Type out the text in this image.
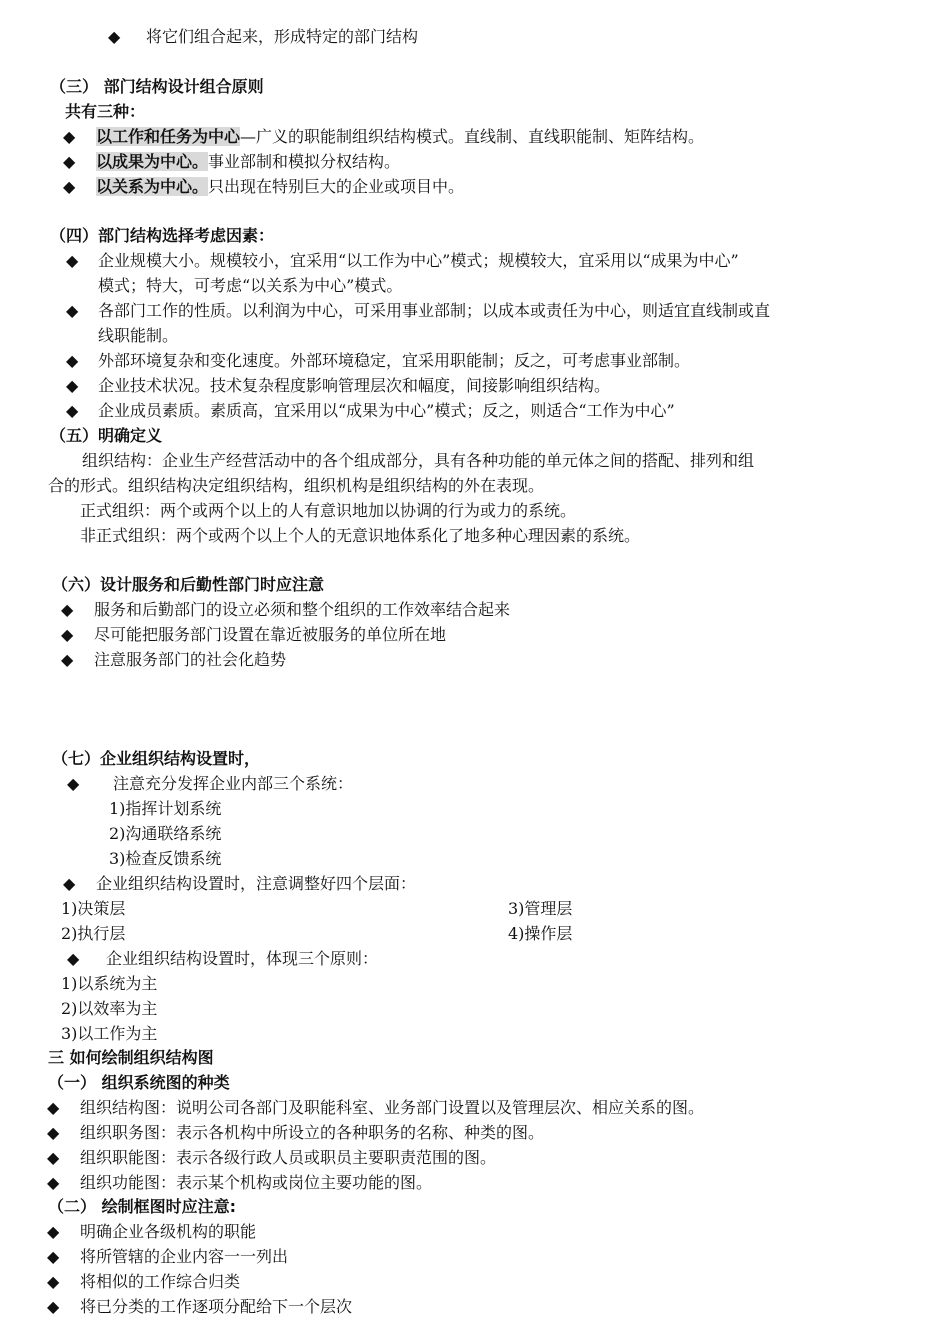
◆ 将它们组合起来，形成特定的部门结构
（三） 部门结构设计组合原则
共有三种：
◆ 以工作和任务为中心—广义的职能制组织结构模式。直线制、直线职能制、矩阵结构。
◆ 以成果为中心。事业部制和模拟分权结构。
◆ 以关系为中心。只出现在特别巨大的企业或项目中。
（四）部门结构选择考虑因素：
◆ 企业规模大小。规模较小，宜采用“以工作为中心”模式；规模较大，宜采用以“成果为中心”
模式；特大，可考虑“以关系为中心”模式。
◆ 各部门工作的性质。以利润为中心，可采用事业部制；以成本或责任为中心，则适宜直线制或直
线职能制。
◆ 外部环境复杂和变化速度。外部环境稳定，宜采用职能制；反之，可考虑事业部制。
◆ 企业技术状况。技术复杂程度影响管理层次和幅度，间接影响组织结构。
◆ 企业成员素质。素质高，宜采用以“成果为中心”模式；反之，则适合“工作为中心”
（五）明确定义
组织结构：企业生产经营活动中的各个组成部分，具有各种功能的单元体之间的搭配、排列和组
合的形式。组织结构决定组织结构，组织机构是组织结构的外在表现。
正式组织：两个或两个以上的人有意识地加以协调的行为或力的系统。
非正式组织：两个或两个以上个人的无意识地体系化了地多种心理因素的系统。
（六）设计服务和后勤性部门时应注意
◆ 服务和后勤部门的设立必须和整个组织的工作效率结合起来
◆ 尽可能把服务部门设置在靠近被服务的单位所在地
◆ 注意服务部门的社会化趋势
（七）企业组织结构设置时，
◆ 注意充分发挥企业内部三个系统：
1)指挥计划系统
2)沟通联络系统
3)检查反馈系统
◆ 企业组织结构设置时，注意调整好四个层面：
1)决策层	3)管理层
2)执行层	4)操作层
◆ 企业组织结构设置时，体现三个原则：
1)以系统为主
2)以效率为主
3)以工作为主
三 如何绘制组织结构图
（一） 组织系统图的种类
◆ 组织结构图：说明公司各部门及职能科室、业务部门设置以及管理层次、相应关系的图。
◆ 组织职务图：表示各机构中所设立的各种职务的名称、种类的图。
◆ 组织职能图：表示各级行政人员或职员主要职责范围的图。
◆ 组织功能图：表示某个机构或岗位主要功能的图。
（二） 绘制框图时应注意:
◆ 明确企业各级机构的职能
◆ 将所管辖的企业内容一一列出
◆ 将相似的工作综合归类
◆ 将已分类的工作逐项分配给下一个层次
